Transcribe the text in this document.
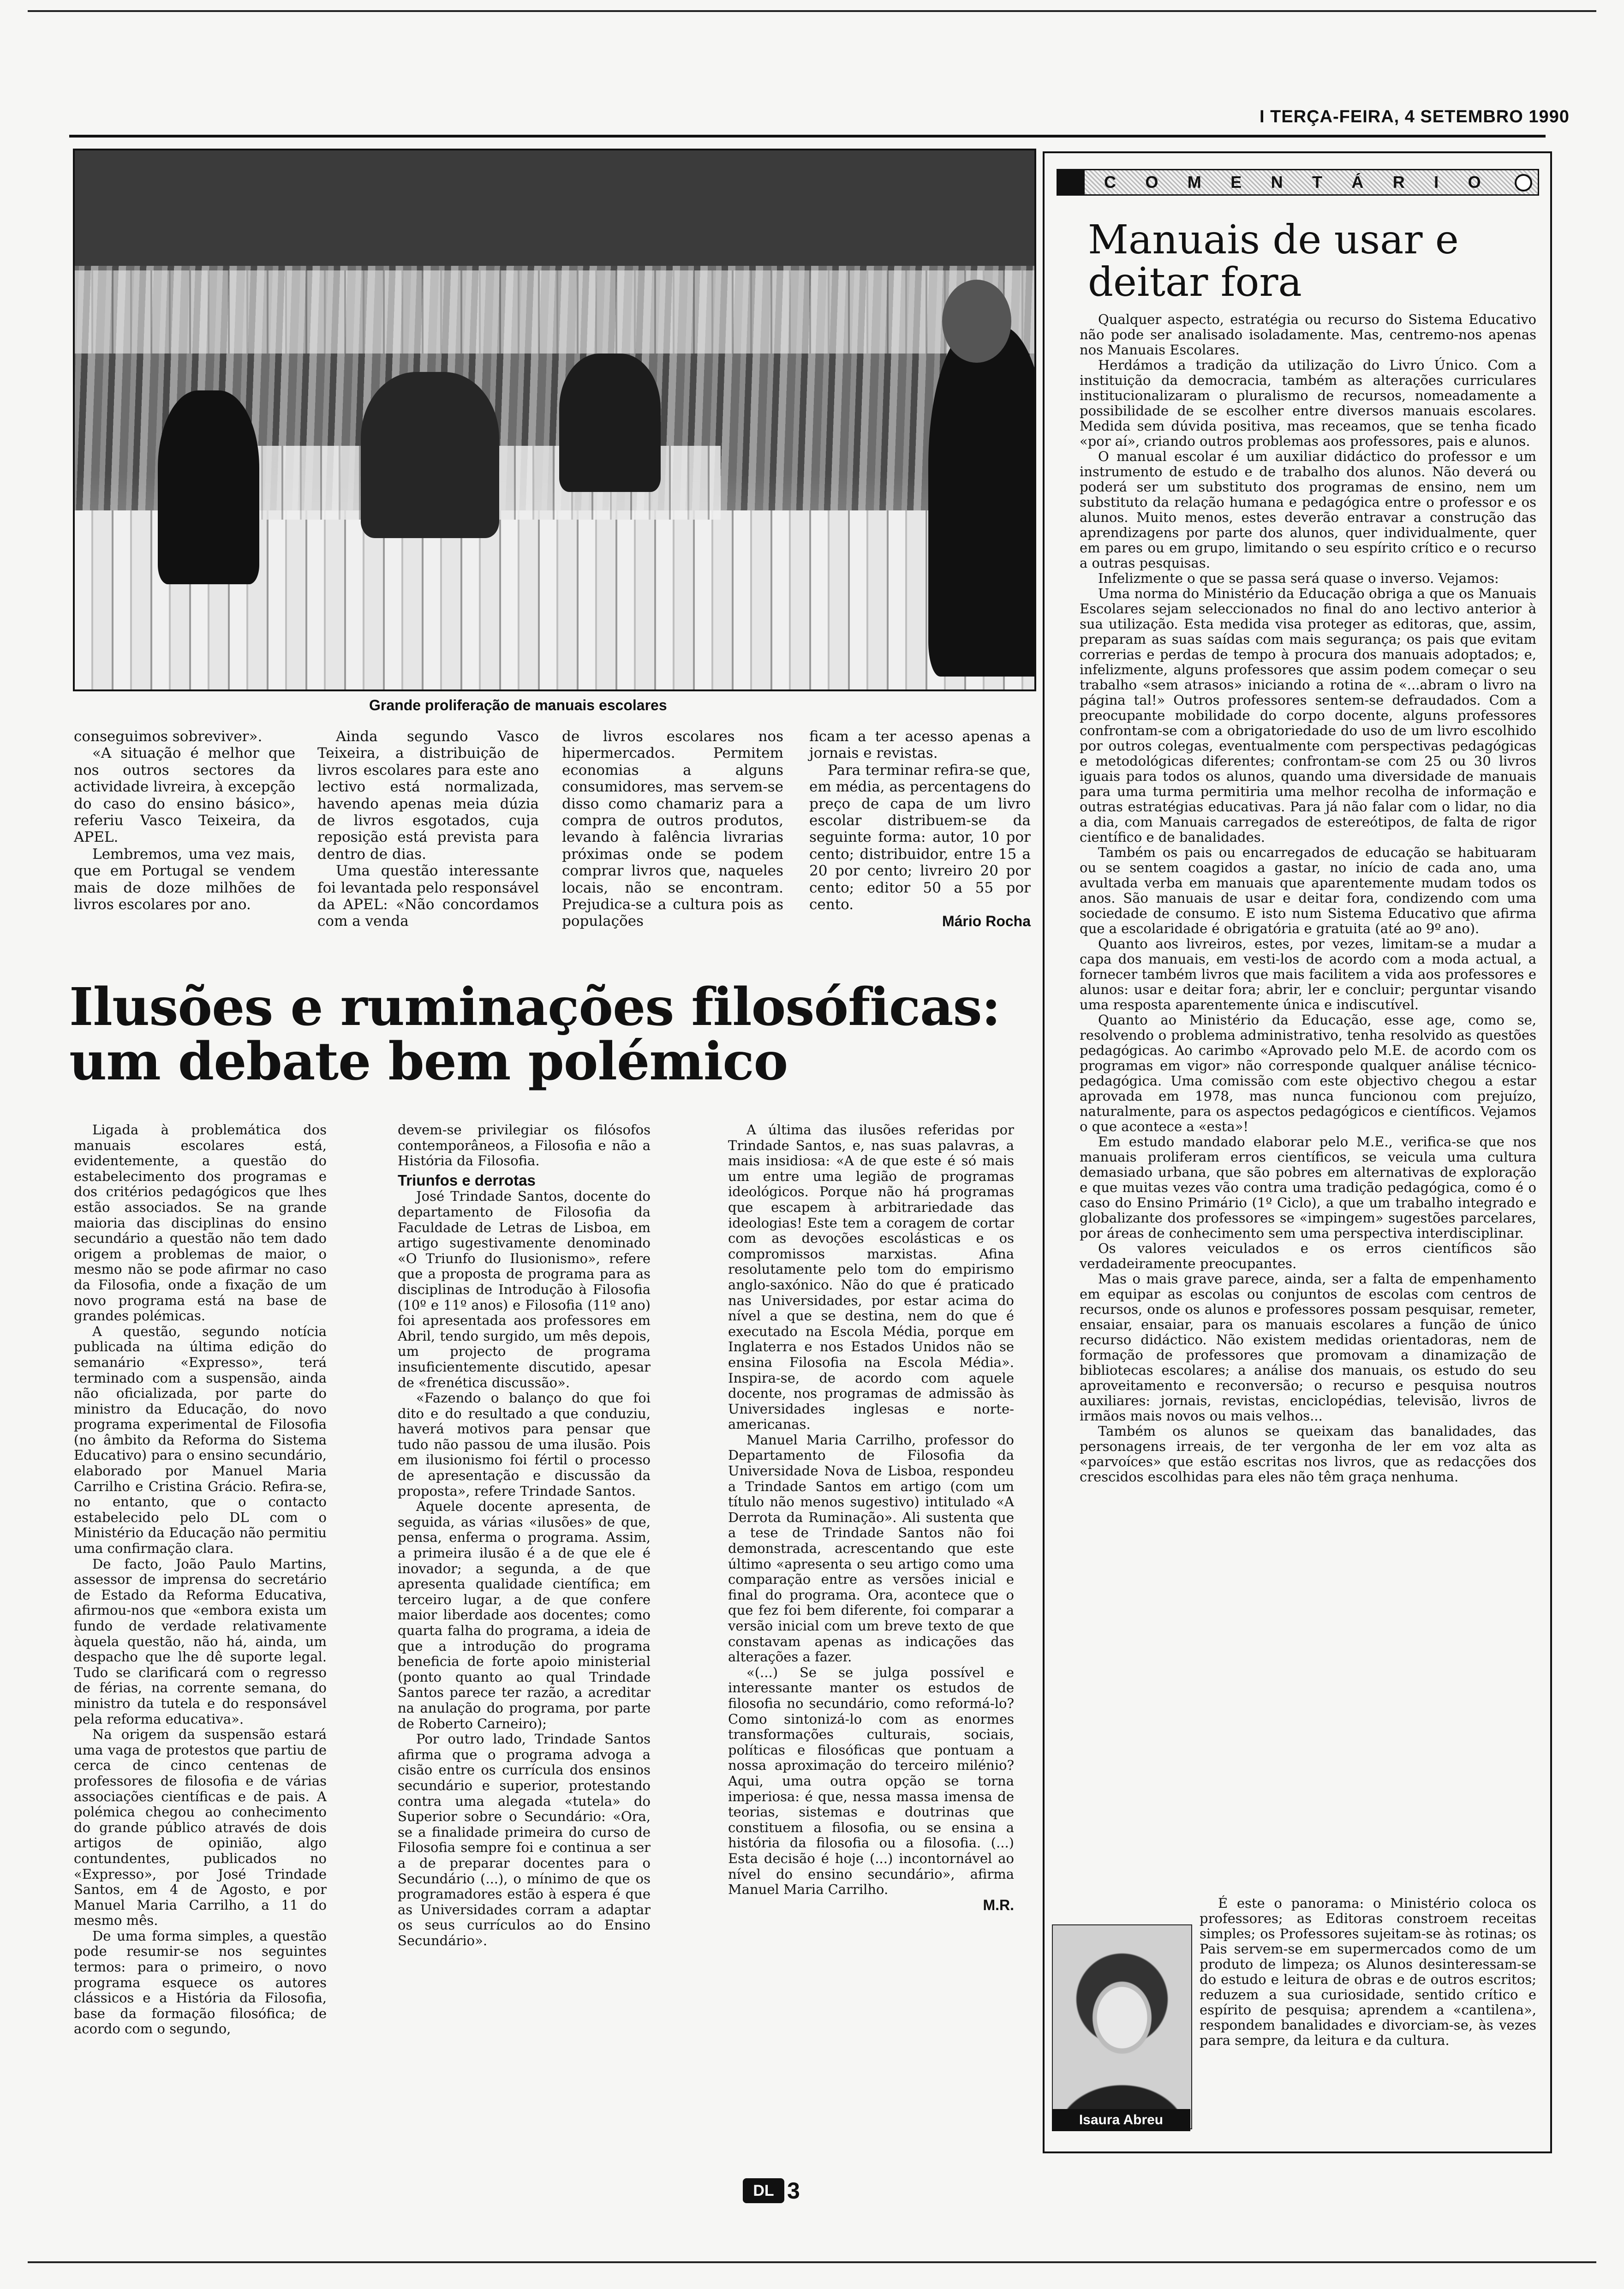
I TERÇA-FEIRA, 4 SETEMBRO 1990
Grande proliferação de manuais escolares

conseguimos sobreviver».

«A situação é melhor que nos outros sectores da actividade livreira, à excepção do caso do ensino básico», referiu Vasco Teixeira, da APEL.

Lembremos, uma vez mais, que em Portugal se vendem mais de doze milhões de livros escolares por ano.

Ainda segundo Vasco Teixeira, a distribuição de livros escolares para este ano lectivo está normalizada, havendo apenas meia dúzia de livros esgotados, cuja reposição está prevista para dentro de dias.

Uma questão interessante foi levantada pelo responsável da APEL: «Não concordamos com a venda

de livros escolares nos hipermercados. Permitem economias a alguns consumidores, mas servem-se disso como chamariz para a compra de outros produtos, levando à falência livrarias próximas onde se podem comprar livros que, naqueles locais, não se encontram. Prejudica-se a cultura pois as populações

ficam a ter acesso apenas a jornais e revistas.

Para terminar refira-se que, em média, as percentagens do preço de capa de um livro escolar distribuem-se da seguinte forma: autor, 10 por cento; distribuidor, entre 15 a 20 por cento; livreiro 20 por cento; editor 50 a 55 por cento.

Mário Rocha
Ilusões e ruminações filosóficas: um debate bem polémico

Ligada à problemática dos manuais escolares está, evidentemente, a questão do estabelecimento dos programas e dos critérios pedagógicos que lhes estão associados. Se na grande maioria das disciplinas do ensino secundário a questão não tem dado origem a problemas de maior, o mesmo não se pode afirmar no caso da Filosofia, onde a fixação de um novo programa está na base de grandes polémicas.

A questão, segundo notícia publicada na última edição do semanário «Expresso», terá terminado com a suspensão, ainda não oficializada, por parte do ministro da Educação, do novo programa experimental de Filosofia (no âmbito da Reforma do Sistema Educativo) para o ensino secundário, elaborado por Manuel Maria Carrilho e Cristina Grácio. Refira-se, no entanto, que o contacto estabelecido pelo DL com o Ministério da Educação não permitiu uma confirmação clara.

De facto, João Paulo Martins, assessor de imprensa do secretário de Estado da Reforma Educativa, afirmou-nos que «embora exista um fundo de verdade relativamente àquela questão, não há, ainda, um despacho que lhe dê suporte legal. Tudo se clarificará com o regresso de férias, na corrente semana, do ministro da tutela e do responsável pela reforma educativa».

Na origem da suspensão estará uma vaga de protestos que partiu de cerca de cinco centenas de professores de filosofia e de várias associações científicas e de pais. A polémica chegou ao conhecimento do grande público através de dois artigos de opinião, algo contundentes, publicados no «Expresso», por José Trindade Santos, em 4 de Agosto, e por Manuel Maria Carrilho, a 11 do mesmo mês.

De uma forma simples, a questão pode resumir-se nos seguintes termos: para o primeiro, o novo programa esquece os autores clássicos e a História da Filosofia, base da formação filosófica; de acordo com o segundo,

devem-se privilegiar os filósofos contemporâneos, a Filosofia e não a História da Filosofia.

Triunfos e derrotas

José Trindade Santos, docente do departamento de Filosofia da Faculdade de Letras de Lisboa, em artigo sugestivamente denominado «O Triunfo do Ilusionismo», refere que a proposta de programa para as disciplinas de Introdução à Filosofia (10º e 11º anos) e Filosofia (11º ano) foi apresentada aos professores em Abril, tendo surgido, um mês depois, um projecto de programa insuficientemente discutido, apesar de «frenética discussão».

«Fazendo o balanço do que foi dito e do resultado a que conduziu, haverá motivos para pensar que tudo não passou de uma ilusão. Pois em ilusionismo foi fértil o processo de apresentação e discussão da proposta», refere Trindade Santos.

Aquele docente apresenta, de seguida, as várias «ilusões» de que, pensa, enferma o programa. Assim, a primeira ilusão é a de que ele é inovador; a segunda, a de que apresenta qualidade científica; em terceiro lugar, a de que confere maior liberdade aos docentes; como quarta falha do programa, a ideia de que a introdução do programa beneficia de forte apoio ministerial (ponto quanto ao qual Trindade Santos parece ter razão, a acreditar na anulação do programa, por parte de Roberto Carneiro);

Por outro lado, Trindade Santos afirma que o programa advoga a cisão entre os currícula dos ensinos secundário e superior, protestando contra uma alegada «tutela» do Superior sobre o Secundário: «Ora, se a finalidade primeira do curso de Filosofia sempre foi e continua a ser a de preparar docentes para o Secundário (...), o mínimo de que os programadores estão à espera é que as Universidades corram a adaptar os seus currículos ao do Ensino Secundário».

A última das ilusões referidas por Trindade Santos, e, nas suas palavras, a mais insidiosa: «A de que este é só mais um entre uma legião de programas ideológicos. Porque não há programas que escapem à arbitrariedade das ideologias! Este tem a coragem de cortar com as devoções escolásticas e os compromissos marxistas. Afina resolutamente pelo tom do empirismo anglo-saxónico. Não do que é praticado nas Universidades, por estar acima do nível a que se destina, nem do que é executado na Escola Média, porque em Inglaterra e nos Estados Unidos não se ensina Filosofia na Escola Média». Inspira-se, de acordo com aquele docente, nos programas de admissão às Universidades inglesas e norte-americanas.

Manuel Maria Carrilho, professor do Departamento de Filosofia da Universidade Nova de Lisboa, respondeu a Trindade Santos em artigo (com um título não menos sugestivo) intitulado «A Derrota da Ruminação». Ali sustenta que a tese de Trindade Santos não foi demonstrada, acrescentando que este último «apresenta o seu artigo como uma comparação entre as versões inicial e final do programa. Ora, acontece que o que fez foi bem diferente, foi comparar a versão inicial com um breve texto de que constavam apenas as indicações das alterações a fazer.

«(...) Se se julga possível e interessante manter os estudos de filosofia no secundário, como reformá-lo? Como sintonizá-lo com as enormes transformações culturais, sociais, políticas e filosóficas que pontuam a nossa aproximação do terceiro milénio? Aqui, uma outra opção se torna imperiosa: é que, nessa massa imensa de teorias, sistemas e doutrinas que constituem a filosofia, ou se ensina a história da filosofia ou a filosofia. (...) Esta decisão é hoje (...) incontornável ao nível do ensino secundário», afirma Manuel Maria Carrilho.

M.R.
C O M E N T Á R I O
Manuais de usar e deitar fora

Qualquer aspecto, estratégia ou recurso do Sistema Educativo não pode ser analisado isoladamente. Mas, centremo-nos apenas nos Manuais Escolares.

Herdámos a tradição da utilização do Livro Único. Com a instituição da democracia, também as alterações curriculares institucionalizaram o pluralismo de recursos, nomeadamente a possibilidade de se escolher entre diversos manuais escolares. Medida sem dúvida positiva, mas receamos, que se tenha ficado «por aí», criando outros problemas aos professores, pais e alunos.

O manual escolar é um auxiliar didáctico do professor e um instrumento de estudo e de trabalho dos alunos. Não deverá ou poderá ser um substituto dos programas de ensino, nem um substituto da relação humana e pedagógica entre o professor e os alunos. Muito menos, estes deverão entravar a construção das aprendizagens por parte dos alunos, quer individualmente, quer em pares ou em grupo, limitando o seu espírito crítico e o recurso a outras pesquisas.

Infelizmente o que se passa será quase o inverso. Vejamos:

Uma norma do Ministério da Educação obriga a que os Manuais Escolares sejam seleccionados no final do ano lectivo anterior à sua utilização. Esta medida visa proteger as editoras, que, assim, preparam as suas saídas com mais segurança; os pais que evitam correrias e perdas de tempo à procura dos manuais adoptados; e, infelizmente, alguns professores que assim podem começar o seu trabalho «sem atrasos» iniciando a rotina de «...abram o livro na página tal!» Outros professores sentem-se defraudados. Com a preocupante mobilidade do corpo docente, alguns professores confrontam-se com a obrigatoriedade do uso de um livro escolhido por outros colegas, eventualmente com perspectivas pedagógicas e metodológicas diferentes; confrontam-se com 25 ou 30 livros iguais para todos os alunos, quando uma diversidade de manuais para uma turma permitiria uma melhor recolha de informação e outras estratégias educativas. Para já não falar com o lidar, no dia a dia, com Manuais carregados de estereótipos, de falta de rigor científico e de banalidades.

Também os pais ou encarregados de educação se habituaram ou se sentem coagidos a gastar, no início de cada ano, uma avultada verba em manuais que aparentemente mudam todos os anos. São manuais de usar e deitar fora, condizendo com uma sociedade de consumo. E isto num Sistema Educativo que afirma que a escolaridade é obrigatória e gratuita (até ao 9º ano).

Quanto aos livreiros, estes, por vezes, limitam-se a mudar a capa dos manuais, em vesti-los de acordo com a moda actual, a fornecer também livros que mais facilitem a vida aos professores e alunos: usar e deitar fora; abrir, ler e concluir; perguntar visando uma resposta aparentemente única e indiscutível.

Quanto ao Ministério da Educação, esse age, como se, resolvendo o problema administrativo, tenha resolvido as questões pedagógicas. Ao carimbo «Aprovado pelo M.E. de acordo com os programas em vigor» não corresponde qualquer análise técnico-pedagógica. Uma comissão com este objectivo chegou a estar aprovada em 1978, mas nunca funcionou com prejuízo, naturalmente, para os aspectos pedagógicos e científicos. Vejamos o que acontece a «esta»!

Em estudo mandado elaborar pelo M.E., verifica-se que nos manuais proliferam erros científicos, se veicula uma cultura demasiado urbana, que são pobres em alternativas de exploração e que muitas vezes vão contra uma tradição pedagógica, como é o caso do Ensino Primário (1º Ciclo), a que um trabalho integrado e globalizante dos professores se «impingem» sugestões parcelares, por áreas de conhecimento sem uma perspectiva interdisciplinar.

Os valores veiculados e os erros científicos são verdadeiramente preocupantes.

Mas o mais grave parece, ainda, ser a falta de empenhamento em equipar as escolas ou conjuntos de escolas com centros de recursos, onde os alunos e professores possam pesquisar, remeter, ensaiar, ensaiar, para os manuais escolares a função de único recurso didáctico. Não existem medidas orientadoras, nem de formação de professores que promovam a dinamização de bibliotecas escolares; a análise dos manuais, os estudo do seu aproveitamento e reconversão; o recurso e pesquisa noutros auxiliares: jornais, revistas, enciclopédias, televisão, livros de irmãos mais novos ou mais velhos...

Também os alunos se queixam das banalidades, das personagens irreais, de ter vergonha de ler em voz alta as «parvoíces» que estão escritas nos livros, que as redacções dos crescidos escolhidas para eles não têm graça nenhuma.

É este o panorama: o Ministério coloca os professores; as Editoras constroem receitas simples; os Professores sujeitam-se às rotinas; os Pais servem-se em supermercados como de um produto de limpeza; os Alunos desinteressam-se do estudo e leitura de obras e de outros escritos; reduzem a sua curiosidade, sentido crítico e espírito de pesquisa; aprendem a «cantilena», respondem banalidades e divorciam-se, às vezes para sempre, da leitura e da cultura.

Isaura Abreu
DL 3
